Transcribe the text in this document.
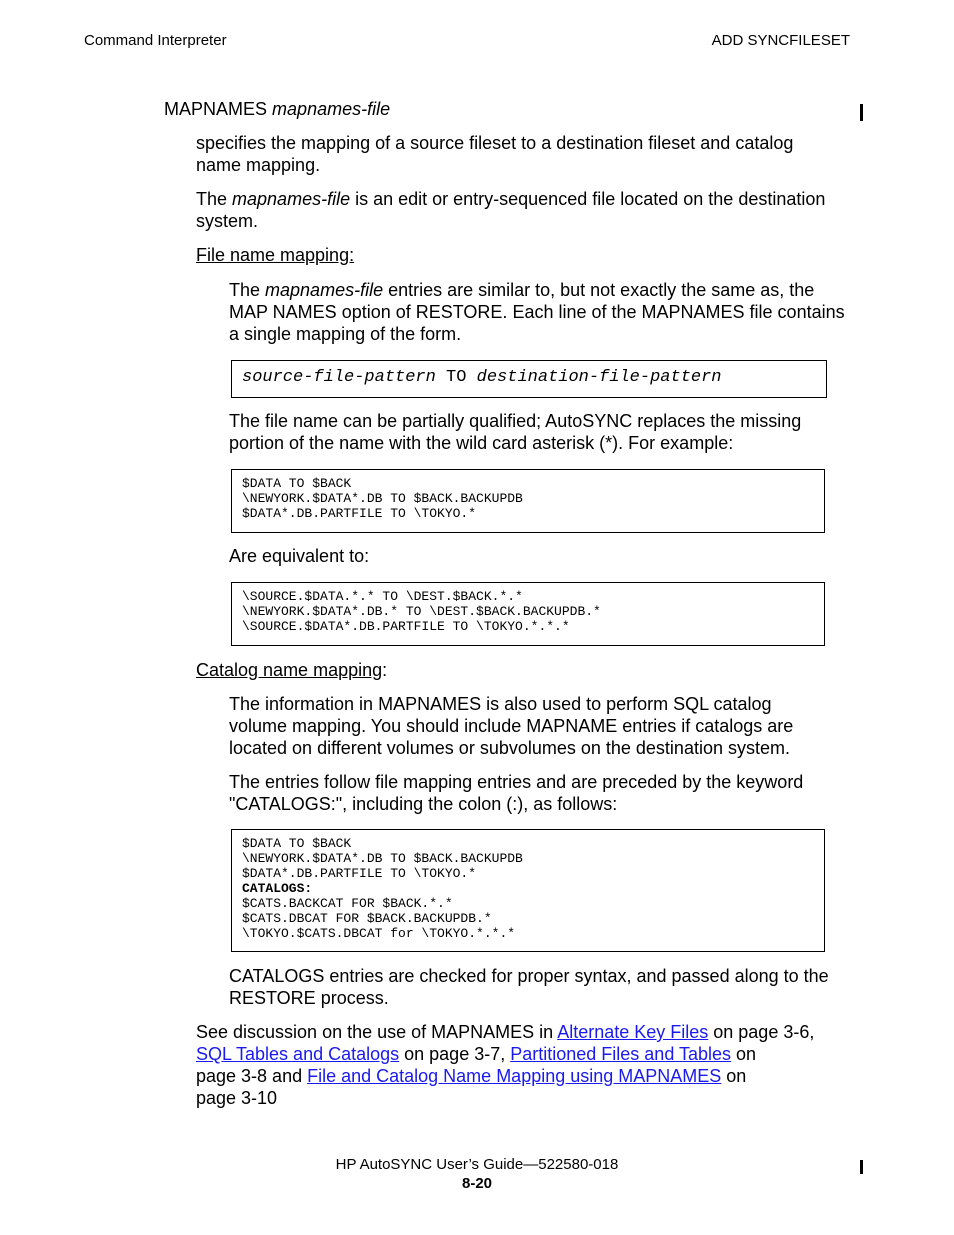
Command Interpreter	ADD SYNCFILESET
MAPNAMES mapnames-file
specifies the mapping of a source fileset to a destination fileset and catalog name mapping.
The mapnames-file is an edit or entry-sequenced file located on the destination system.
File name mapping:
The mapnames-file entries are similar to, but not exactly the same as, the MAP NAMES option of RESTORE. Each line of the MAPNAMES file contains a single mapping of the form.
source-file-pattern TO destination-file-pattern
The file name can be partially qualified; AutoSYNC replaces the missing portion of the name with the wild card asterisk (*). For example:
$DATA TO $BACK
\NEWYORK.$DATA*.DB TO $BACK.BACKUPDB
$DATA*.DB.PARTFILE TO \TOKYO.*
Are equivalent to:
\SOURCE.$DATA.*.* TO \DEST.$BACK.*.*
\NEWYORK.$DATA*.DB.* TO \DEST.$BACK.BACKUPDB.*
\SOURCE.$DATA*.DB.PARTFILE TO \TOKYO.*.*.*
Catalog name mapping:
The information in MAPNAMES is also used to perform SQL catalog volume mapping. You should include MAPNAME entries if catalogs are located on different volumes or subvolumes on the destination system.
The entries follow file mapping entries and are preceded by the keyword "CATALOGS:", including the colon (:), as follows:
$DATA TO $BACK
\NEWYORK.$DATA*.DB TO $BACK.BACKUPDB
$DATA*.DB.PARTFILE TO \TOKYO.*
CATALOGS:
$CATS.BACKCAT FOR $BACK.*.*
$CATS.DBCAT FOR $BACK.BACKUPDB.*
\TOKYO.$CATS.DBCAT for \TOKYO.*.*.*
CATALOGS entries are checked for proper syntax, and passed along to the RESTORE process.
See discussion on the use of MAPNAMES in Alternate Key Files on page 3-6,
SQL Tables and Catalogs on page 3-7, Partitioned Files and Tables on
page 3-8 and File and Catalog Name Mapping using MAPNAMES on
page 3-10
HP AutoSYNC User’s Guide—522580-018
8-20
